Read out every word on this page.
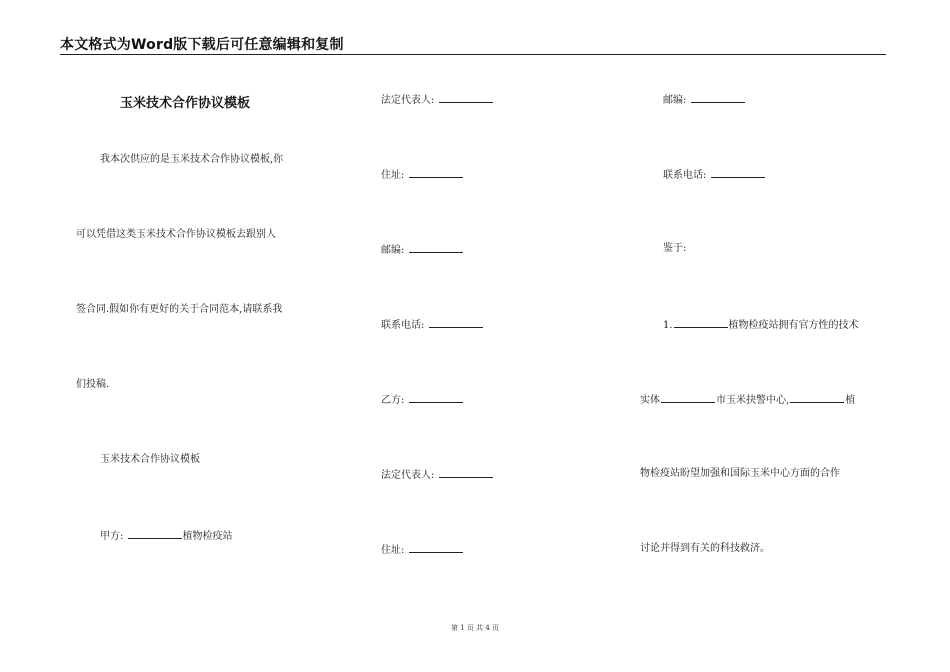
本文格式为Word版下载后可任意编辑和复制
玉米技术合作协议模板
我本次供应的是玉米技术合作协议模板,你
可以凭借这类玉米技术合作协议模板去跟别人
签合同.假如你有更好的关于合同范本,请联系我
们投稿.
玉米技术合作协议模板
甲方:	植物检疫站
法定代表人:
住址:
邮编:
联系电话:
乙方:
法定代表人:
住址:
邮编:
联系电话:
鉴于:
1.	植物检疫站拥有官方性的技术
实体	市玉米抉警中心,	植
物检疫站盼望加强和国际玉米中心方面的合作
讨论并得到有关的科技救济。
第 1 页 共 4 页
